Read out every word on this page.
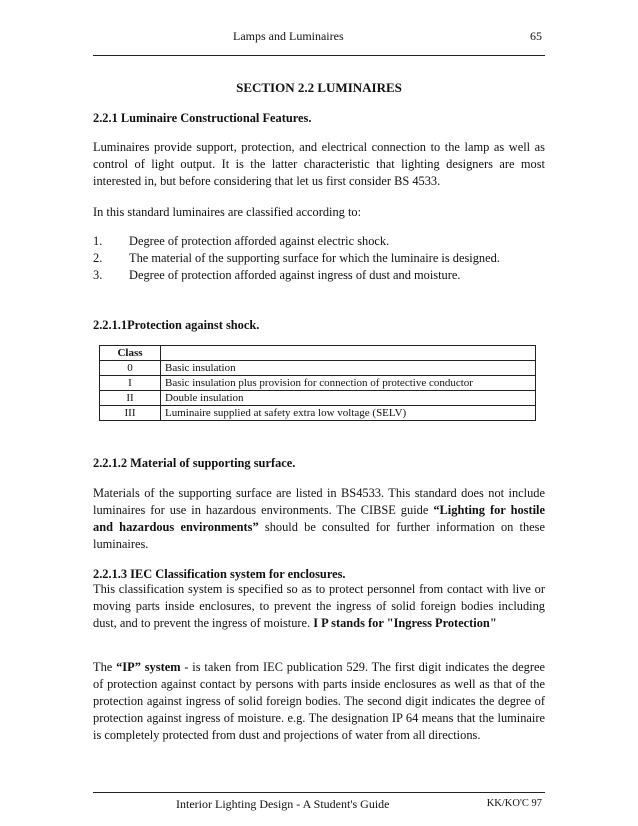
Lamps and Luminaires	65
SECTION 2.2 LUMINAIRES

2.2.1 Luminaire Constructional Features.

Luminaires provide support, protection, and electrical connection to the lamp as well as control of light output. It is the latter characteristic that lighting designers are most interested in, but before considering that let us first consider BS 4533.

In this standard luminaires are classified according to:

1. Degree of protection afforded against electric shock.
2. The material of the supporting surface for which the luminaire is designed.
3. Degree of protection afforded against ingress of dust and moisture.

2.2.1.1Protection against shock.

Class	
0	Basic insulation
I	Basic insulation plus provision for connection of protective conductor
II	Double insulation
III	Luminaire supplied at safety extra low voltage (SELV)

2.2.1.2 Material of supporting surface.

Materials of the supporting surface are listed in BS4533. This standard does not include luminaires for use in hazardous environments. The CIBSE guide “Lighting for hostile and hazardous environments” should be consulted for further information on these luminaires.

2.2.1.3 IEC Classification system for enclosures.

This classification system is specified so as to protect personnel from contact with live or moving parts inside enclosures, to prevent the ingress of solid foreign bodies including dust, and to prevent the ingress of moisture. I P stands for "Ingress Protection"

The “IP” system - is taken from IEC publication 529. The first digit indicates the degree of protection against contact by persons with parts inside enclosures as well as that of the protection against ingress of solid foreign bodies. The second digit indicates the degree of protection against ingress of moisture. e.g. The designation IP 64 means that the luminaire is completely protected from dust and projections of water from all directions.

Interior Lighting Design - A Student's Guide	KK/KO'C 97
